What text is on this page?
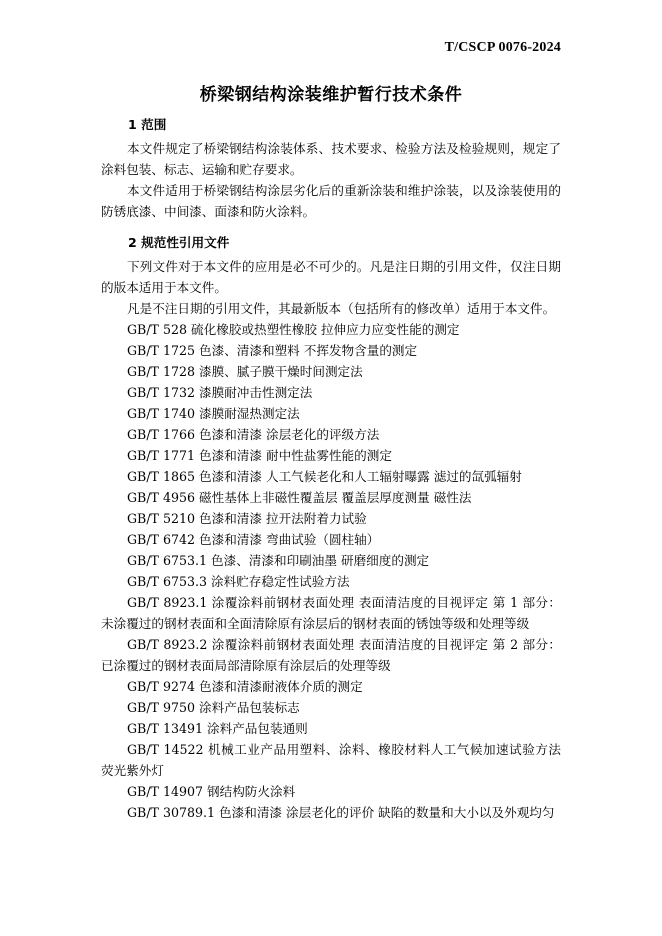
T/CSCP 0076-2024
桥梁钢结构涂装维护暂行技术条件
1 范围

本文件规定了桥梁钢结构涂装体系、技术要求、检验方法及检验规则，规定了涂料包装、标志、运输和贮存要求。

本文件适用于桥梁钢结构涂层劣化后的重新涂装和维护涂装，以及涂装使用的防锈底漆、中间漆、面漆和防火涂料。

2 规范性引用文件

下列文件对于本文件的应用是必不可少的。凡是注日期的引用文件，仅注日期的版本适用于本文件。

凡是不注日期的引用文件，其最新版本（包括所有的修改单）适用于本文件。

GB/T 528 硫化橡胶或热塑性橡胶 拉伸应力应变性能的测定

GB/T 1725 色漆、清漆和塑料 不挥发物含量的测定

GB/T 1728 漆膜、腻子膜干燥时间测定法

GB/T 1732 漆膜耐冲击性测定法

GB/T 1740 漆膜耐湿热测定法

GB/T 1766 色漆和清漆 涂层老化的评级方法

GB/T 1771 色漆和清漆 耐中性盐雾性能的测定

GB/T 1865 色漆和清漆 人工气候老化和人工辐射曝露 滤过的氙弧辐射

GB/T 4956 磁性基体上非磁性覆盖层 覆盖层厚度测量 磁性法

GB/T 5210 色漆和清漆 拉开法附着力试验

GB/T 6742 色漆和清漆 弯曲试验（圆柱轴）

GB/T 6753.1 色漆、清漆和印刷油墨 研磨细度的测定

GB/T 6753.3 涂料贮存稳定性试验方法

GB/T 8923.1 涂覆涂料前钢材表面处理 表面清洁度的目视评定 第 1 部分：未涂覆过的钢材表面和全面清除原有涂层后的钢材表面的锈蚀等级和处理等级

GB/T 8923.2 涂覆涂料前钢材表面处理 表面清洁度的目视评定 第 2 部分：已涂覆过的钢材表面局部清除原有涂层后的处理等级

GB/T 9274 色漆和清漆耐液体介质的测定

GB/T 9750 涂料产品包装标志

GB/T 13491 涂料产品包装通则

GB/T 14522 机械工业产品用塑料、涂料、橡胶材料人工气候加速试验方法 荧光紫外灯

GB/T 14907 钢结构防火涂料

GB/T 30789.1 色漆和清漆 涂层老化的评价 缺陷的数量和大小以及外观均匀
